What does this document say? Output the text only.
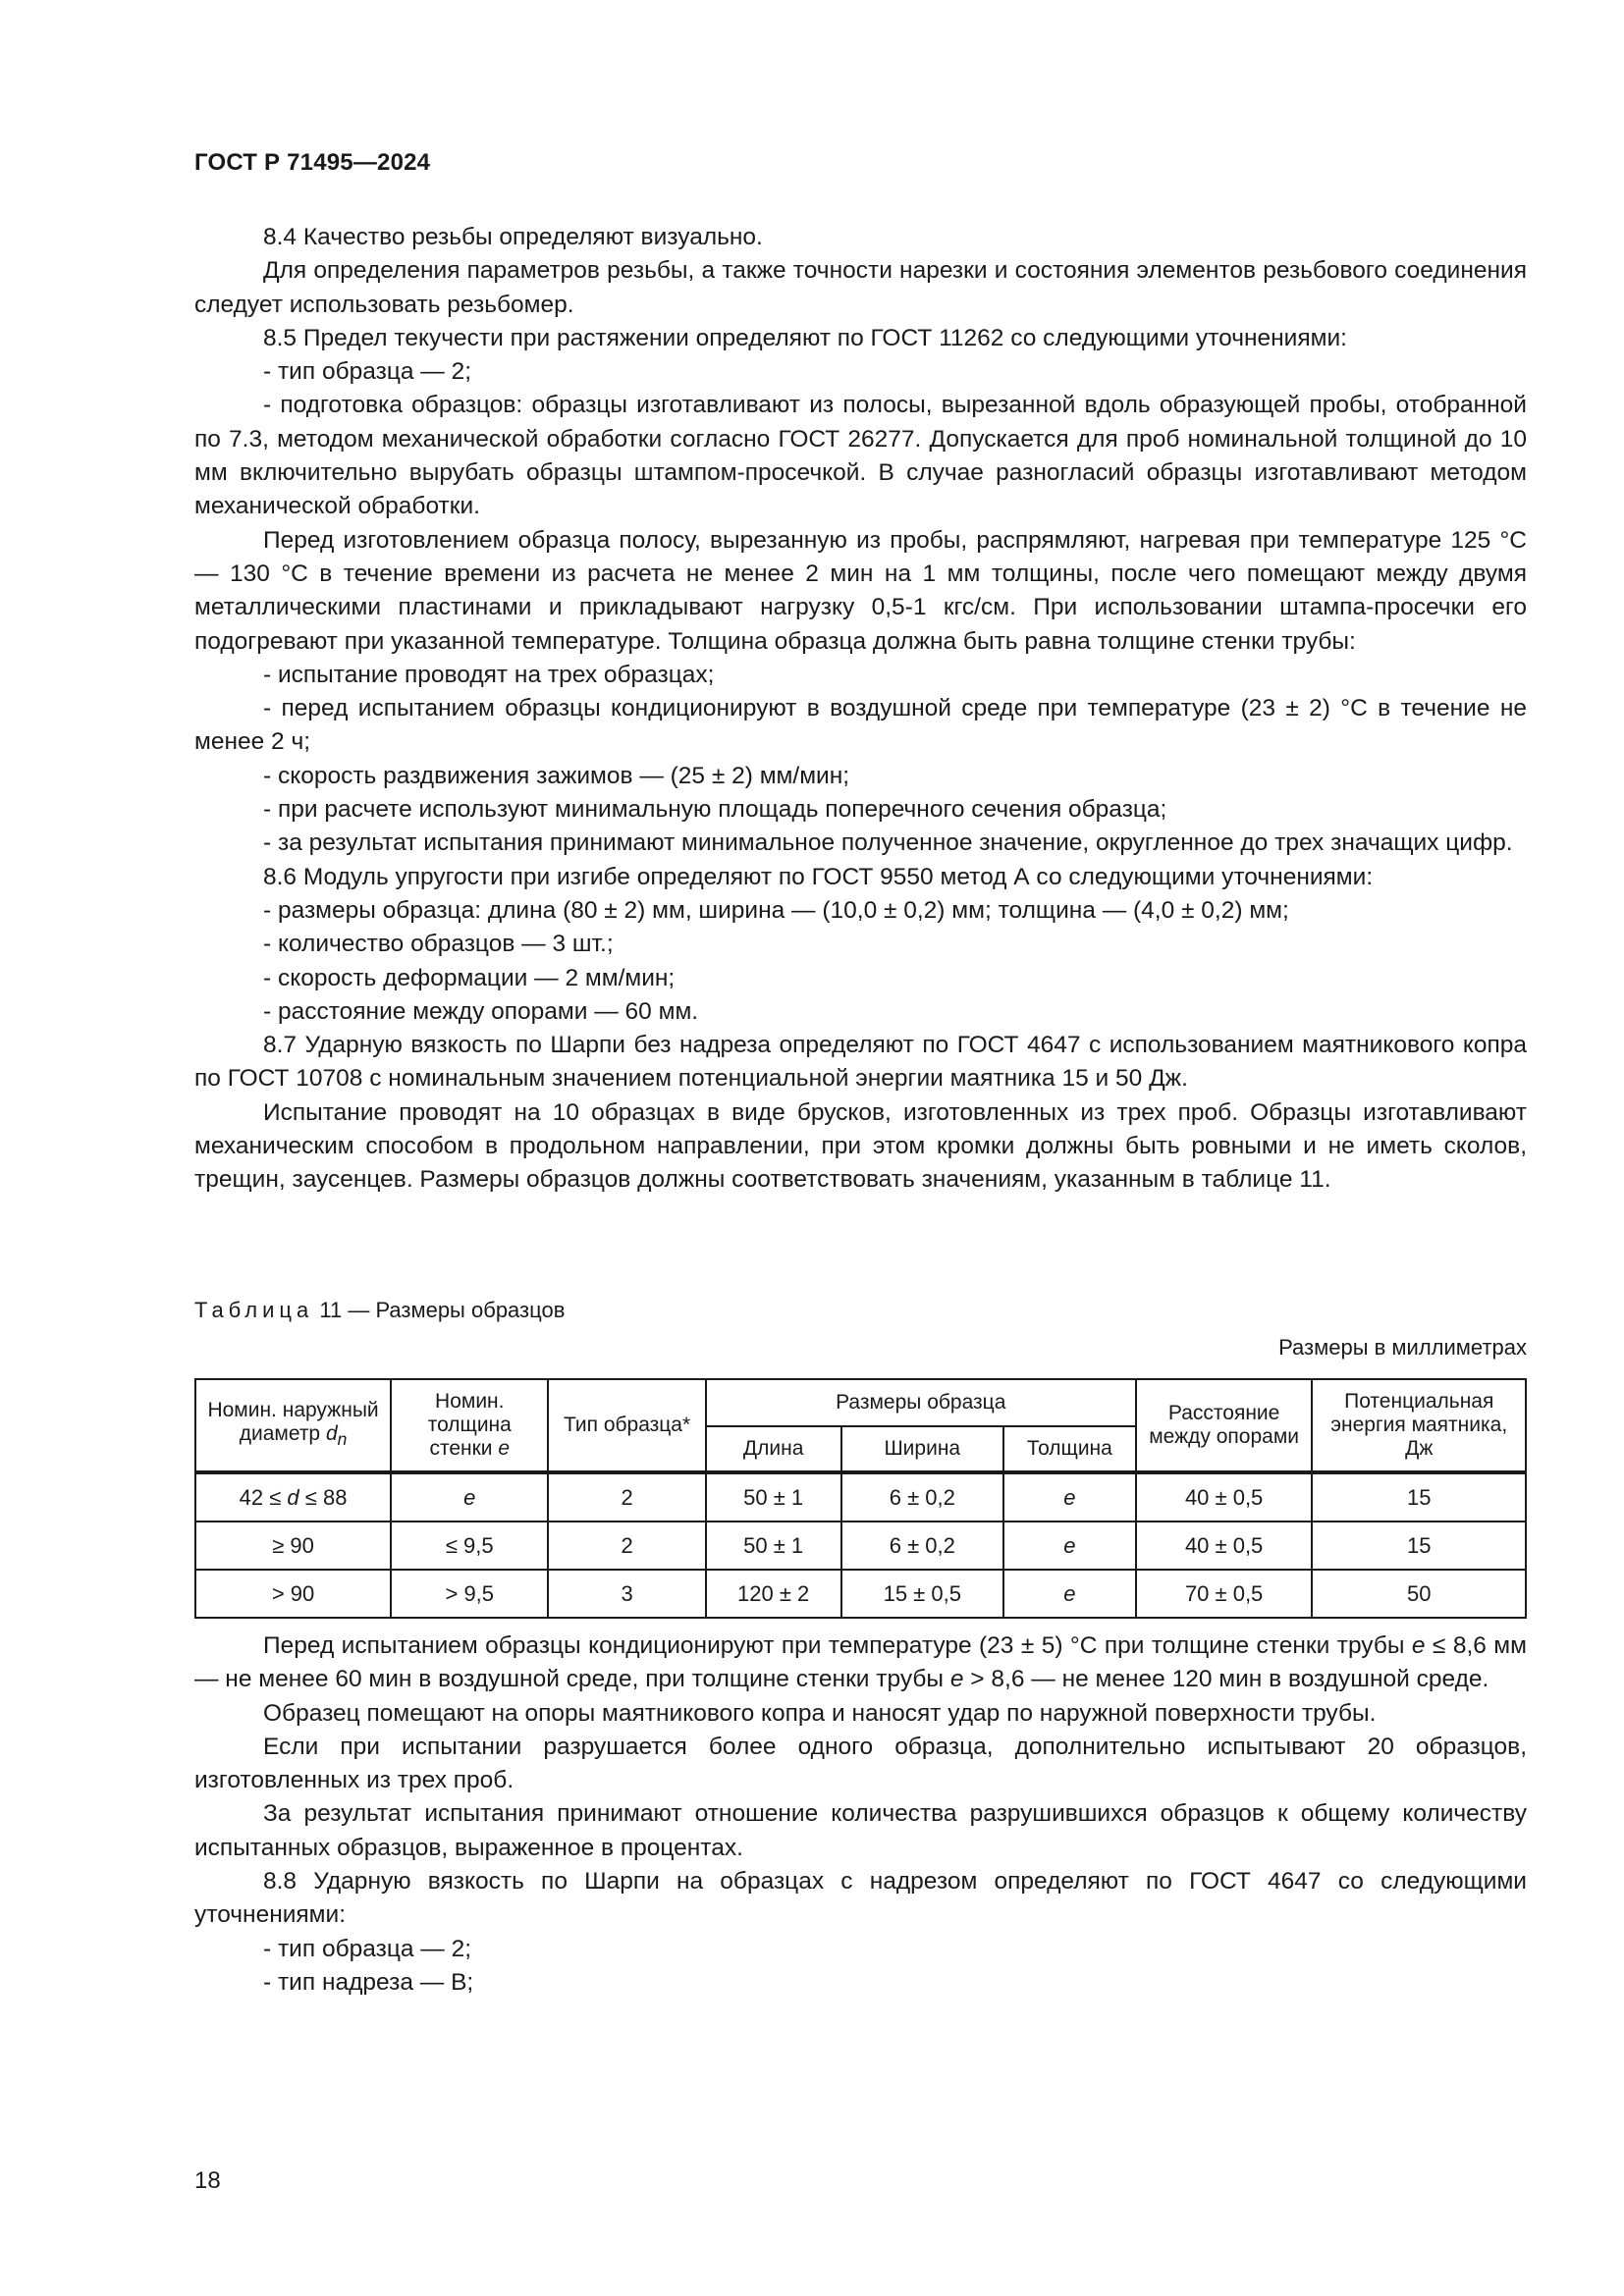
ГОСТ Р 71495—2024

8.4 Качество резьбы определяют визуально.

Для определения параметров резьбы, а также точности нарезки и состояния элементов резьбового соединения следует использовать резьбомер.

8.5 Предел текучести при растяжении определяют по ГОСТ 11262 со следующими уточнениями:

- тип образца — 2;

- подготовка образцов: образцы изготавливают из полосы, вырезанной вдоль образующей пробы, отобранной по 7.3, методом механической обработки согласно ГОСТ 26277. Допускается для проб номинальной толщиной до 10 мм включительно вырубать образцы штампом-просечкой. В случае разногласий образцы изготавливают методом механической обработки.

Перед изготовлением образца полосу, вырезанную из пробы, распрямляют, нагревая при температуре 125 °С — 130 °С в течение времени из расчета не менее 2 мин на 1 мм толщины, после чего помещают между двумя металлическими пластинами и прикладывают нагрузку 0,5-1 кгс/см. При использовании штампа-просечки его подогревают при указанной температуре. Толщина образца должна быть равна толщине стенки трубы:

- испытание проводят на трех образцах;

- перед испытанием образцы кондиционируют в воздушной среде при температуре (23 ± 2) °С в течение не менее 2 ч;

- скорость раздвижения зажимов — (25 ± 2) мм/мин;

- при расчете используют минимальную площадь поперечного сечения образца;

- за результат испытания принимают минимальное полученное значение, округленное до трех значащих цифр.

8.6 Модуль упругости при изгибе определяют по ГОСТ 9550 метод А со следующими уточнениями:

- размеры образца: длина (80 ± 2) мм, ширина — (10,0 ± 0,2) мм; толщина — (4,0 ± 0,2) мм;

- количество образцов — 3 шт.;

- скорость деформации — 2 мм/мин;

- расстояние между опорами — 60 мм.

8.7 Ударную вязкость по Шарпи без надреза определяют по ГОСТ 4647 с использованием маятникового копра по ГОСТ 10708 с номинальным значением потенциальной энергии маятника 15 и 50 Дж.

Испытание проводят на 10 образцах в виде брусков, изготовленных из трех проб. Образцы изготавливают механическим способом в продольном направлении, при этом кромки должны быть ровными и не иметь сколов, трещин, заусенцев. Размеры образцов должны соответствовать значениям, указанным в таблице 11.

Таблица 11 — Размеры образцов
Размеры в миллиметрах
Номин. наружный диаметр $d_n$	Номин. толщина стенки e	Тип образца*	Размеры образца			Расстояние между опорами	Потенциальная энергия маятника, Дж
			Длина	Ширина	Толщина		
42 ≤ d ≤ 88	e	2	50 ± 1	6 ± 0,2	e	40 ± 0,5	15
≥ 90	≤ 9,5	2	50 ± 1	6 ± 0,2	e	40 ± 0,5	15
> 90	> 9,5	3	120 ± 2	15 ± 0,5	e	70 ± 0,5	50

Перед испытанием образцы кондиционируют при температуре (23 ± 5) °С при толщине стенки трубы е ≤ 8,6 мм — не менее 60 мин в воздушной среде, при толщине стенки трубы е > 8,6 — не менее 120 мин в воздушной среде.

Образец помещают на опоры маятникового копра и наносят удар по наружной поверхности трубы.

Если при испытании разрушается более одного образца, дополнительно испытывают 20 образцов, изготовленных из трех проб.

За результат испытания принимают отношение количества разрушившихся образцов к общему количеству испытанных образцов, выраженное в процентах.

8.8 Ударную вязкость по Шарпи на образцах с надрезом определяют по ГОСТ 4647 со следующими уточнениями:

- тип образца — 2;

- тип надреза — В;

18
